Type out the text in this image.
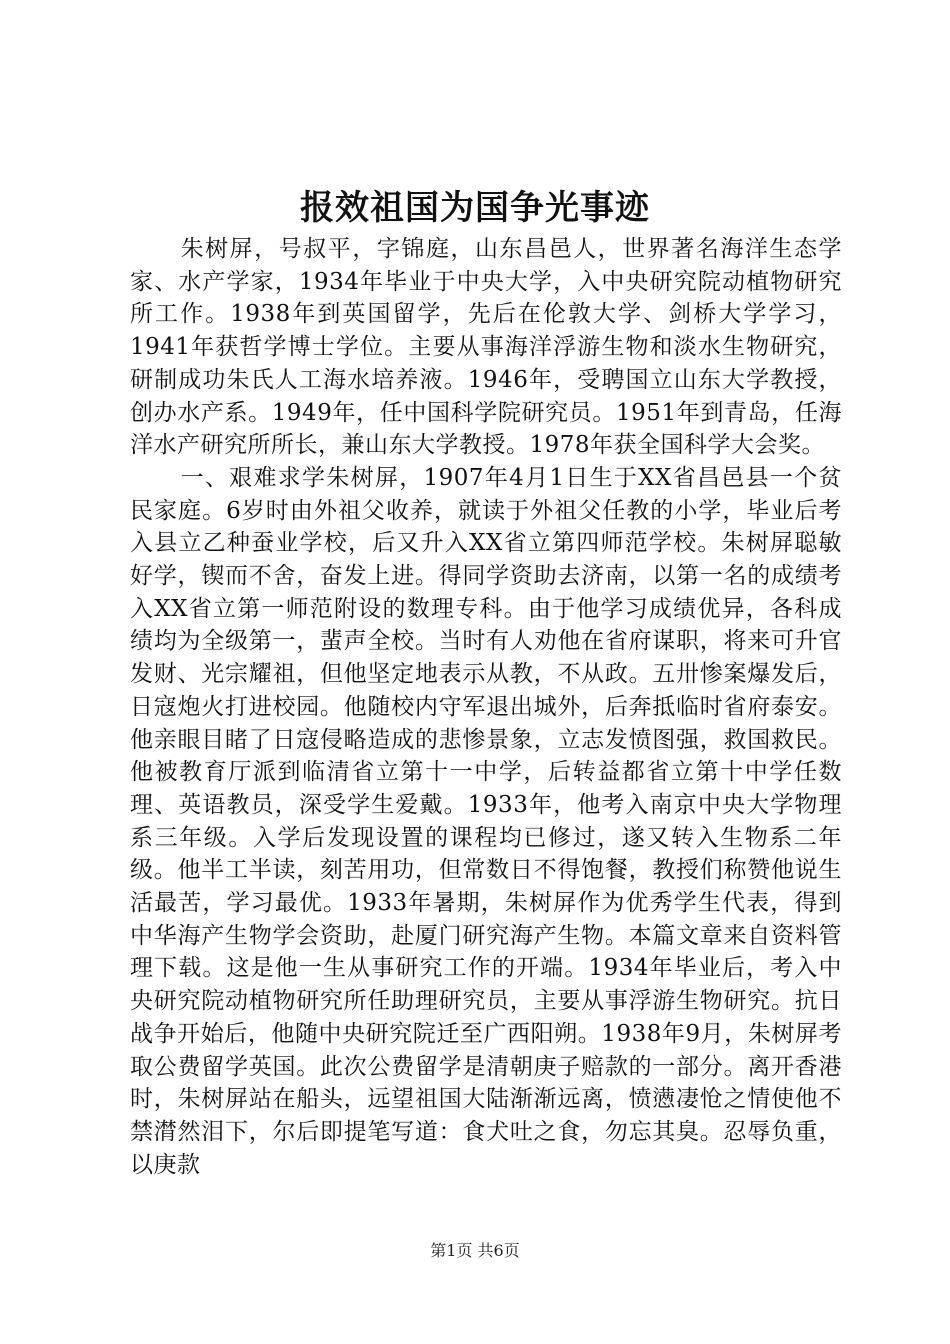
报效祖国为国争光事迹

朱树屏，号叔平，字锦庭，山东昌邑人，世界著名海洋生态学家、水产学家，1934年毕业于中央大学，入中央研究院动植物研究所工作。1938年到英国留学，先后在伦敦大学、剑桥大学学习，1941年获哲学博士学位。主要从事海洋浮游生物和淡水生物研究，研制成功朱氏人工海水培养液。1946年，受聘国立山东大学教授，创办水产系。1949年，任中国科学院研究员。1951年到青岛，任海洋水产研究所所长，兼山东大学教授。1978年获全国科学大会奖。

一、艰难求学朱树屏，1907年4月1日生于XX省昌邑县一个贫民家庭。6岁时由外祖父收养，就读于外祖父任教的小学，毕业后考入县立乙种蚕业学校，后又升入XX省立第四师范学校。朱树屏聪敏好学，锲而不舍，奋发上进。得同学资助去济南，以第一名的成绩考入XX省立第一师范附设的数理专科。由于他学习成绩优异，各科成绩均为全级第一，蜚声全校。当时有人劝他在省府谋职，将来可升官发财、光宗耀祖，但他坚定地表示从教，不从政。五卅惨案爆发后，日寇炮火打进校园。他随校内守军退出城外，后奔抵临时省府泰安。他亲眼目睹了日寇侵略造成的悲惨景象，立志发愤图强，救国救民。他被教育厅派到临清省立第十一中学，后转益都省立第十中学任数理、英语教员，深受学生爱戴。1933年，他考入南京中央大学物理系三年级。入学后发现设置的课程均已修过，遂又转入生物系二年级。他半工半读，刻苦用功，但常数日不得饱餐，教授们称赞他说生活最苦，学习最优。1933年暑期，朱树屏作为优秀学生代表，得到中华海产生物学会资助，赴厦门研究海产生物。本篇文章来自资料管理下载。这是他一生从事研究工作的开端。1934年毕业后，考入中央研究院动植物研究所任助理研究员，主要从事浮游生物研究。抗日战争开始后，他随中央研究院迁至广西阳朔。1938年9月，朱树屏考取公费留学英国。此次公费留学是清朝庚子赔款的一部分。离开香港时，朱树屏站在船头，远望祖国大陆渐渐远离，愤懑凄怆之情使他不禁潸然泪下，尔后即提笔写道：食犬吐之食，勿忘其臭。忍辱负重，以庚款

第1页 共6页
